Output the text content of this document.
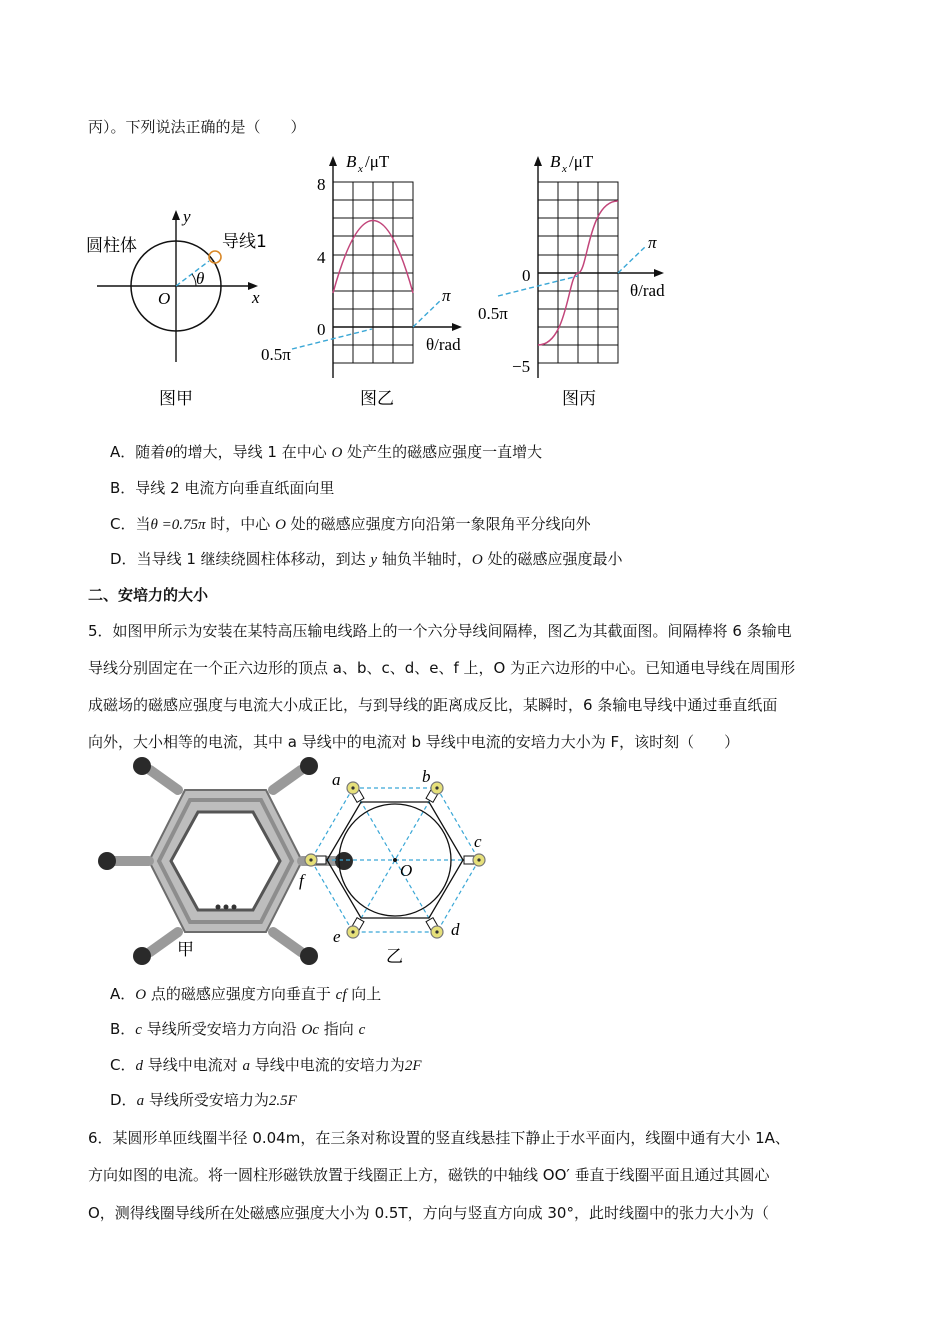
丙）。下列说法正确的是（　　）
圆柱体	导线1
y
x
O
θ
图甲
B x /μT
8
4
0
π
0.5π
θ/rad
图乙
B x /μT
0
−5
π
0.5π
θ/rad
图丙
甲
a	b
c
d
e
f
O
乙
A．随着θ的增大，导线 1 在中心 O 处产生的磁感应强度一直增大
B．导线 2 电流方向垂直纸面向里
C．当θ =0.75π 时，中心 O 处的磁感应强度方向沿第一象限角平分线向外
D．当导线 1 继续绕圆柱体移动，到达 y 轴负半轴时，O 处的磁感应强度最小
二、安培力的大小
5．如图甲所示为安装在某特高压输电线路上的一个六分导线间隔棒，图乙为其截面图。间隔棒将 6 条输电
导线分别固定在一个正六边形的顶点 a、b、c、d、e、f 上，O 为正六边形的中心。已知通电导线在周围形
成磁场的磁感应强度与电流大小成正比，与到导线的距离成反比，某瞬时，6 条输电导线中通过垂直纸面
向外，大小相等的电流，其中 a 导线中的电流对 b 导线中电流的安培力大小为 F，该时刻（　　）
A．O 点的磁感应强度方向垂直于 cf 向上
B．c 导线所受安培力方向沿 Oc 指向 c
C．d 导线中电流对 a 导线中电流的安培力为2F
D．a 导线所受安培力为2.5F
6．某圆形单匝线圈半径 0.04m，在三条对称设置的竖直线悬挂下静止于水平面内，线圈中通有大小 1A、
方向如图的电流。将一圆柱形磁铁放置于线圈正上方，磁铁的中轴线 OO′ 垂直于线圈平面且通过其圆心
O，测得线圈导线所在处磁感应强度大小为 0.5T，方向与竖直方向成 30°，此时线圈中的张力大小为（
